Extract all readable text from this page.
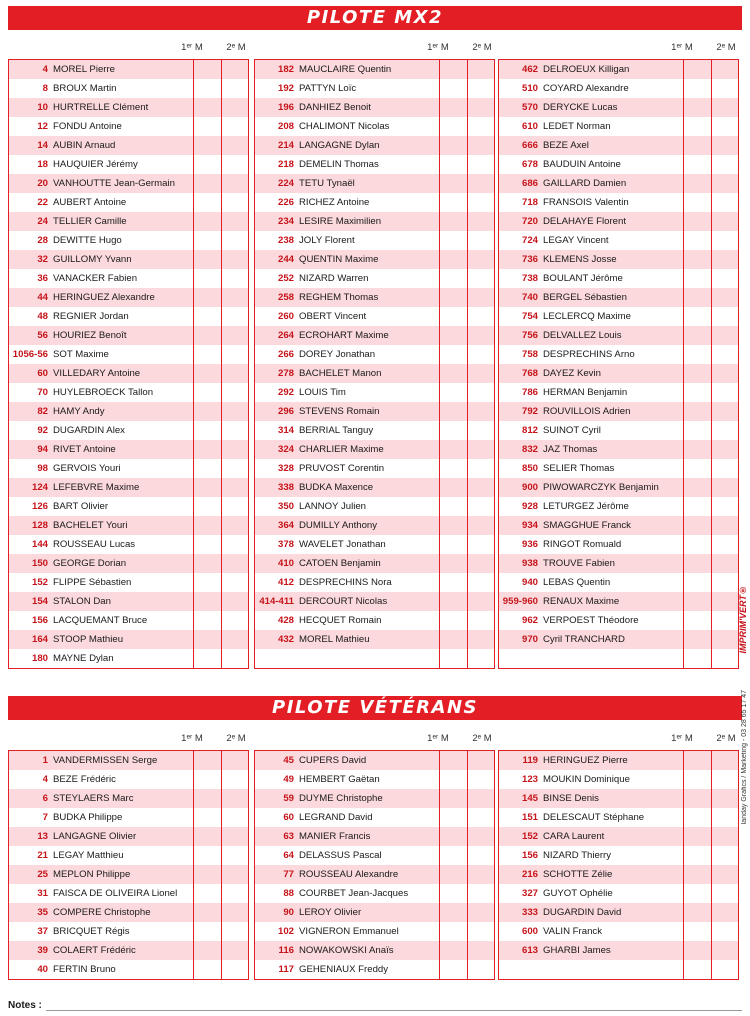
PILOTE MX2
1ᵉʳ M 2ᵉ M
4 MOREL Pierre
8 BROUX Martin
10 HURTRELLE Clément
12 FONDU Antoine
14 AUBIN Arnaud
18 HAUQUIER Jérémy
20 VANHOUTTE Jean-Germain
22 AUBERT Antoine
24 TELLIER Camille
28 DEWITTE Hugo
32 GUILLOMY Yvann
36 VANACKER Fabien
44 HERINGUEZ Alexandre
48 REGNIER Jordan
56 HOURIEZ Benoît
1056-56 SOT Maxime
60 VILLEDARY Antoine
70 HUYLEBROECK Tallon
82 HAMY Andy
92 DUGARDIN Alex
94 RIVET Antoine
98 GERVOIS Youri
124 LEFEBVRE Maxime
126 BART Olivier
128 BACHELET Youri
144 ROUSSEAU Lucas
150 GEORGE Dorian
152 FLIPPE Sébastien
154 STALON Dan
156 LACQUEMANT Bruce
164 STOOP Mathieu
180 MAYNE Dylan
1ᵉʳ M 2ᵉ M
182 MAUCLAIRE Quentin
192 PATTYN Loïc
196 DANHIEZ Benoit
208 CHALIMONT Nicolas
214 LANGAGNE Dylan
218 DEMELIN Thomas
224 TETU Tynaël
226 RICHEZ Antoine
234 LESIRE Maximilien
238 JOLY Florent
244 QUENTIN Maxime
252 NIZARD Warren
258 REGHEM Thomas
260 OBERT Vincent
264 ECROHART Maxime
266 DOREY Jonathan
278 BACHELET Manon
292 LOUIS Tim
296 STEVENS Romain
314 BERRIAL Tanguy
324 CHARLIER Maxime
328 PRUVOST Corentin
338 BUDKA Maxence
350 LANNOY Julien
364 DUMILLY Anthony
378 WAVELET Jonathan
410 CATOEN Benjamin
412 DESPRECHINS Nora
414-411 DERCOURT Nicolas
428 HECQUET Romain
432 MOREL Mathieu
1ᵉʳ M 2ᵉ M
462 DELROEUX Killigan
510 COYARD Alexandre
570 DERYCKE Lucas
610 LEDET Norman
666 BEZE Axel
678 BAUDUIN Antoine
686 GAILLARD Damien
718 FRANSOIS Valentin
720 DELAHAYE Florent
724 LEGAY Vincent
736 KLEMENS Josse
738 BOULANT Jérôme
740 BERGEL Sébastien
754 LECLERCQ Maxime
756 DELVALLEZ Louis
758 DESPRECHINS Arno
768 DAYEZ Kevin
786 HERMAN Benjamin
792 ROUVILLOIS Adrien
812 SUINOT Cyril
832 JAZ Thomas
850 SELIER Thomas
900 PIWOWARCZYK Benjamin
928 LETURGEZ Jérôme
934 SMAGGHUE Franck
936 RINGOT Romuald
938 TROUVE Fabien
940 LEBAS Quentin
959-960 RENAUX Maxime
962 VERPOEST Théodore
970 Cyril TRANCHARD
PILOTE VÉTÉRANS
1ᵉʳ M 2ᵉ M
1 VANDERMISSEN Serge
4 BEZE Frédéric
6 STEYLAERS Marc
7 BUDKA Philippe
13 LANGAGNE Olivier
21 LEGAY Matthieu
25 MEPLON Philippe
31 FAISCA DE OLIVEIRA Lionel
35 COMPERE Christophe
37 BRICQUET Régis
39 COLAERT Frédéric
40 FERTIN Bruno
1ᵉʳ M 2ᵉ M
45 CUPERS David
49 HEMBERT Gaëtan
59 DUYME Christophe
60 LEGRAND David
63 MANIER Francis
64 DELASSUS Pascal
77 ROUSSEAU Alexandre
88 COURBET Jean-Jacques
90 LEROY Olivier
102 VIGNERON Emmanuel
116 NOWAKOWSKI Anaïs
117 GEHENIAUX Freddy
1ᵉʳ M 2ᵉ M
119 HERINGUEZ Pierre
123 MOUKIN Dominique
145 BINSE Denis
151 DELESCAUT Stéphane
152 CARA Laurent
156 NIZARD Thierry
216 SCHOTTE Zélie
327 GUYOT Ophélie
333 DUGARDIN David
600 VALIN Franck
613 GHARBI James
IMPRIM'VERT®
landay Grafics / Marketing - 03 28 65 17 47
Notes :
